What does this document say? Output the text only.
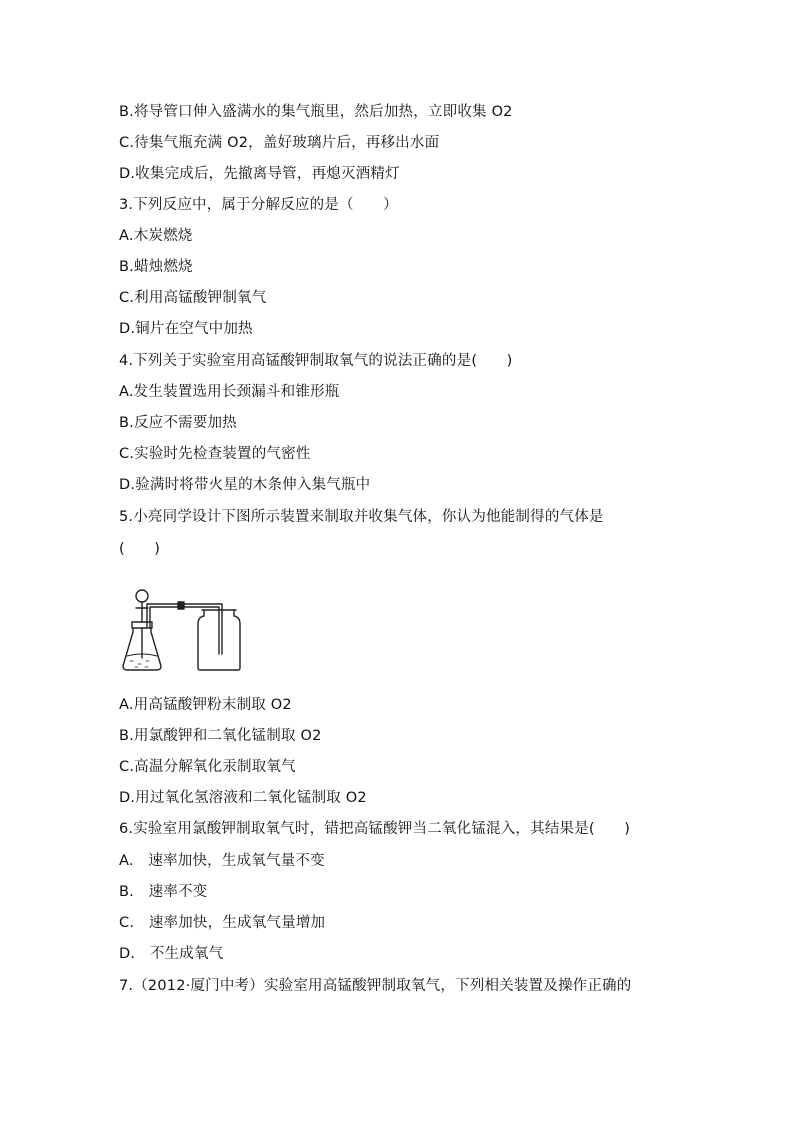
B.将导管口伸入盛满水的集气瓶里，然后加热，立即收集 O2
C.待集气瓶充满 O2，盖好玻璃片后，再移出水面
D.收集完成后，先撤离导管，再熄灭酒精灯
3.下列反应中，属于分解反应的是（　　）
A.木炭燃烧
B.蜡烛燃烧
C.利用高锰酸钾制氧气
D.铜片在空气中加热
4.下列关于实验室用高锰酸钾制取氧气的说法正确的是(　　)
A.发生装置选用长颈漏斗和锥形瓶
B.反应不需要加热
C.实验时先检查装置的气密性
D.验满时将带火星的木条伸入集气瓶中
5.小亮同学设计下图所示装置来制取并收集气体，你认为他能制得的气体是
(　　)
A.用高锰酸钾粉末制取 O2
B.用氯酸钾和二氧化锰制取 O2
C.高温分解氧化汞制取氧气
D.用过氧化氢溶液和二氧化锰制取 O2
6.实验室用氯酸钾制取氧气时，错把高锰酸钾当二氧化锰混入，其结果是(　　)
A.　速率加快，生成氧气量不变
B.　速率不变
C.　速率加快，生成氧气量增加
D.　不生成氧气
7.（2012·厦门中考）实验室用高锰酸钾制取氧气，下列相关装置及操作正确的
